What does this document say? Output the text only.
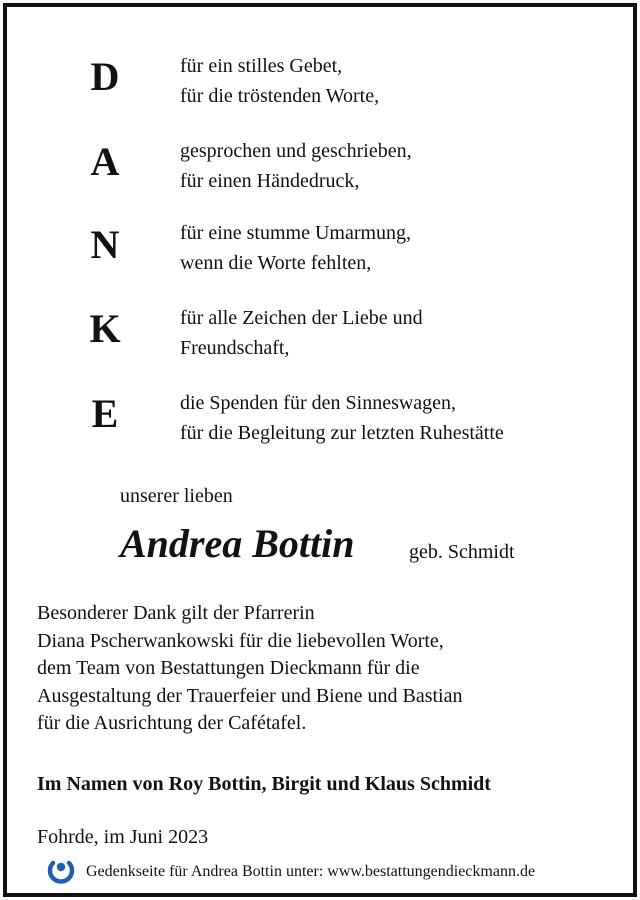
D	für ein stilles Gebet,
für die tröstenden Worte,
A	gesprochen und geschrieben,
für einen Händedruck,
N	für eine stumme Umarmung,
wenn die Worte fehlten,
K	für alle Zeichen der Liebe und
Freundschaft,
E	die Spenden für den Sinneswagen,
für die Begleitung zur letzten Ruhestätte
unserer lieben
Andrea Bottin	geb. Schmidt
Besonderer Dank gilt der Pfarrerin
Diana Pscherwankowski für die liebevollen Worte,
dem Team von Bestattungen Dieckmann für die
Ausgestaltung der Trauerfeier und Biene und Bastian
für die Ausrichtung der Cafétafel.
Im Namen von Roy Bottin, Birgit und Klaus Schmidt
Fohrde, im Juni 2023
Gedenkseite für Andrea Bottin unter: www.bestattungendieckmann.de
